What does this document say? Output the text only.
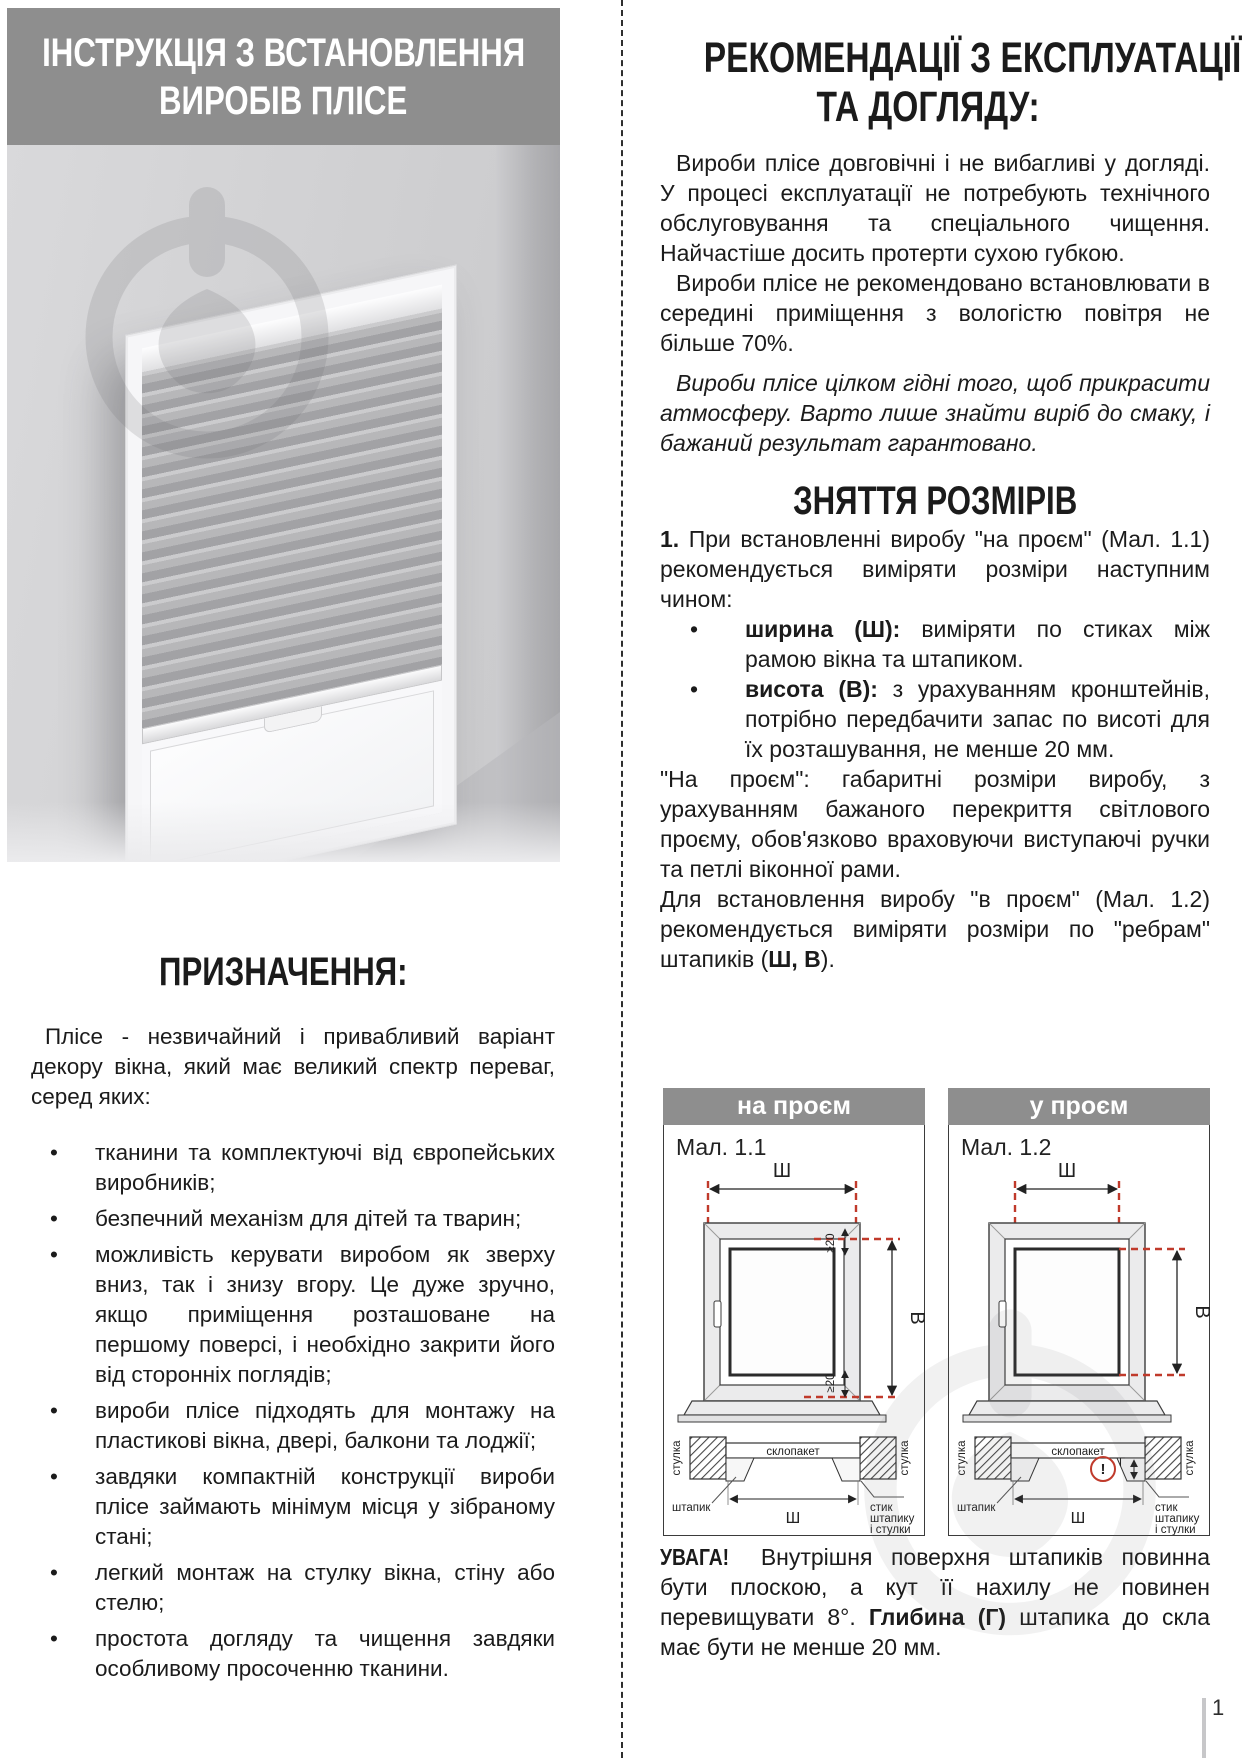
ІНСТРУКЦІЯ З ВСТАНОВЛЕННЯ
ВИРОБІВ ПЛІСЕ
ПРИЗНАЧЕННЯ:

Плісе - незвичайний і привабливий варіант декору вікна, який має великий спектр переваг, серед яких:

• тканини та комплектуючі від європейських виробників;
• безпечний механізм для дітей та тварин;
• можливість керувати виробом як зверху вниз, так і знизу вгору. Це дуже зручно, якщо приміщення розташоване на першому поверсі, і необхідно закрити його від сторонніх поглядів;
• вироби плісе підходять для монтажу на пластикові вікна, двері, балкони та лоджії;
• завдяки компактній конструкції вироби плісе займають мінімум місця у зібраному стані;
• легкий монтаж на стулку вікна, стіну або стелю;
• простота догляду та чищення завдяки особливому просоченню тканини.
РЕКОМЕНДАЦІЇ З ЕКСПЛУАТАЦІЇ
ТА ДОГЛЯДУ:

Вироби плісе довговічні і не вибагливі у догляді. У процесі експлуатації не потребують технічного обслуговування та спеціального чищення. Найчастіше досить протерти сухою губкою.

Вироби плісе не рекомендовано встановлювати в середині приміщення з вологістю повітря не більше 70%.

Вироби плісе цілком гідні того, щоб прикрасити атмосферу. Варто лише знайти виріб до смаку, і бажаний результат гарантовано.

ЗНЯТТЯ РОЗМІРІВ

1. При встановленні виробу "на проєм" (Мал. 1.1) рекомендується виміряти розміри наступним чином:

• ширина (Ш): виміряти по стиках між рамою вікна та штапиком.
• висота (В): з урахуванням кронштейнів, потрібно передбачити запас по висоті для їх розташування, не менше 20 мм.

"На проєм": габаритні розміри виробу, з урахуванням бажаного перекриття світлового проєму, обов'язково враховуючи виступаючі ручки та петлі віконної рами.

Для встановлення виробу "в проєм" (Мал. 1.2) рекомендується виміряти розміри по "ребрам" штапиків (Ш, В).

на проєм
Мал. 1.1
Ш
В
≥20
≥20
стулка	стулка
склопакет
Ш
штапик	стик
штапику
і стулки
у проєм
Мал. 1.2
Ш
В
стулка	стулка
склопакет
Ш
штапик	стик
штапику
і стулки
! Г
УВАГА! Внутрішня поверхня штапиків повинна бути плоскою, а кут її нахилу не повинен перевищувати 8°. Глибина (Г) штапика до скла має бути не менше 20 мм.
1
